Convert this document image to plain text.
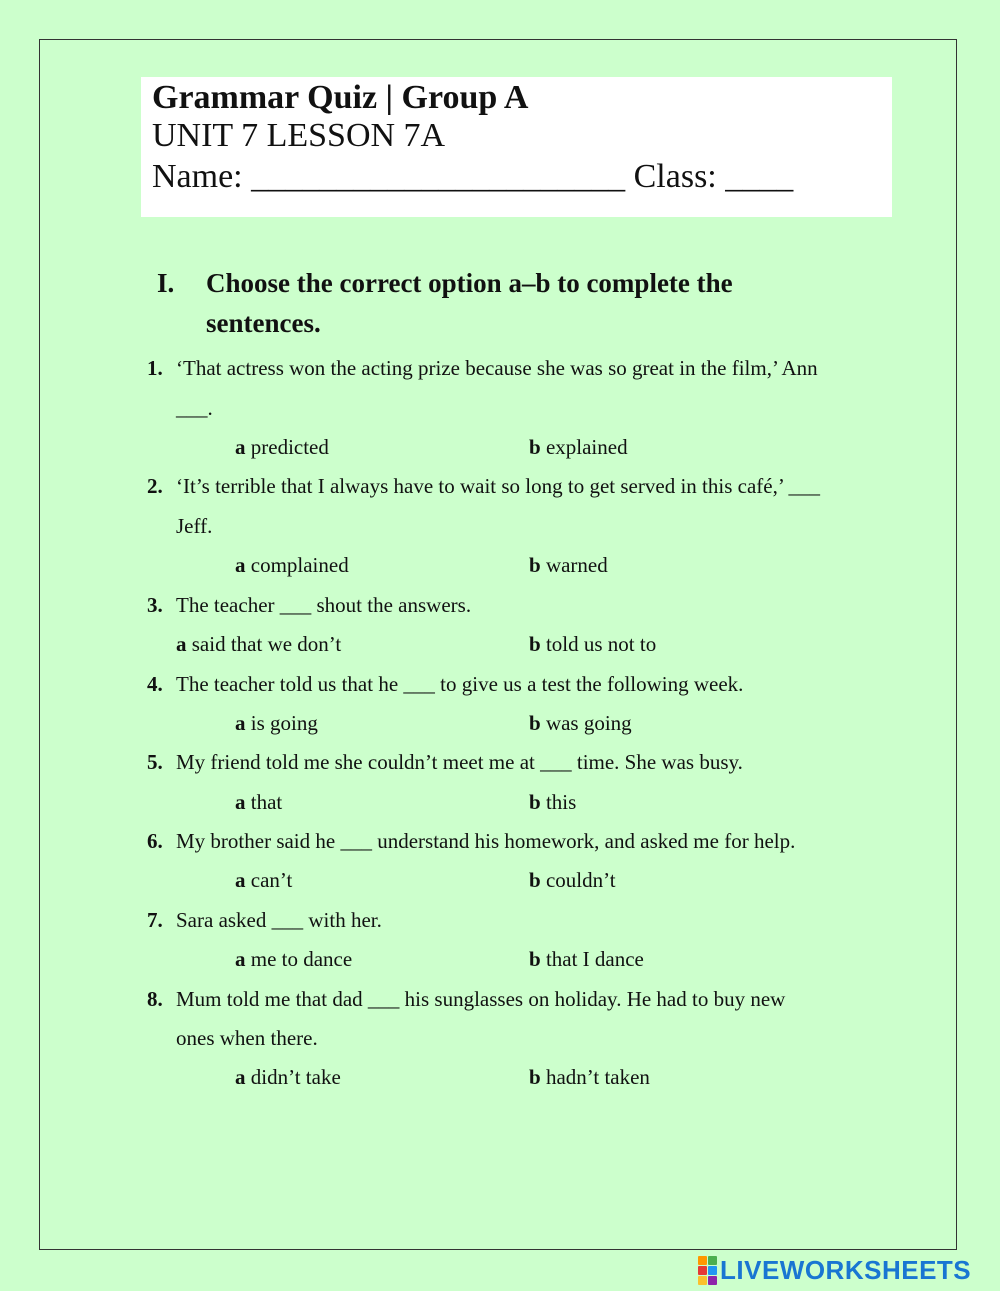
Grammar Quiz | Group A
UNIT 7 LESSON 7A
Name: ______________________ Class: ____
I. Choose the correct option a–b to complete the
sentences.
1. ‘That actress won the acting prize because she was so great in the film,’ Ann
___.
a predicted	b explained
2. ‘It’s terrible that I always have to wait so long to get served in this café,’ ___
Jeff.
a complained	b warned
3. The teacher ___ shout the answers.
a said that we don’t	b told us not to
4. The teacher told us that he ___ to give us a test the following week.
a is going	b was going
5. My friend told me she couldn’t meet me at ___ time. She was busy.
a that	b this
6. My brother said he ___ understand his homework, and asked me for help.
a can’t	b couldn’t
7. Sara asked ___ with her.
a me to dance	b that I dance
8. Mum told me that dad ___ his sunglasses on holiday. He had to buy new
ones when there.
a didn’t take	b hadn’t taken
LIVEWORKSHEETS
